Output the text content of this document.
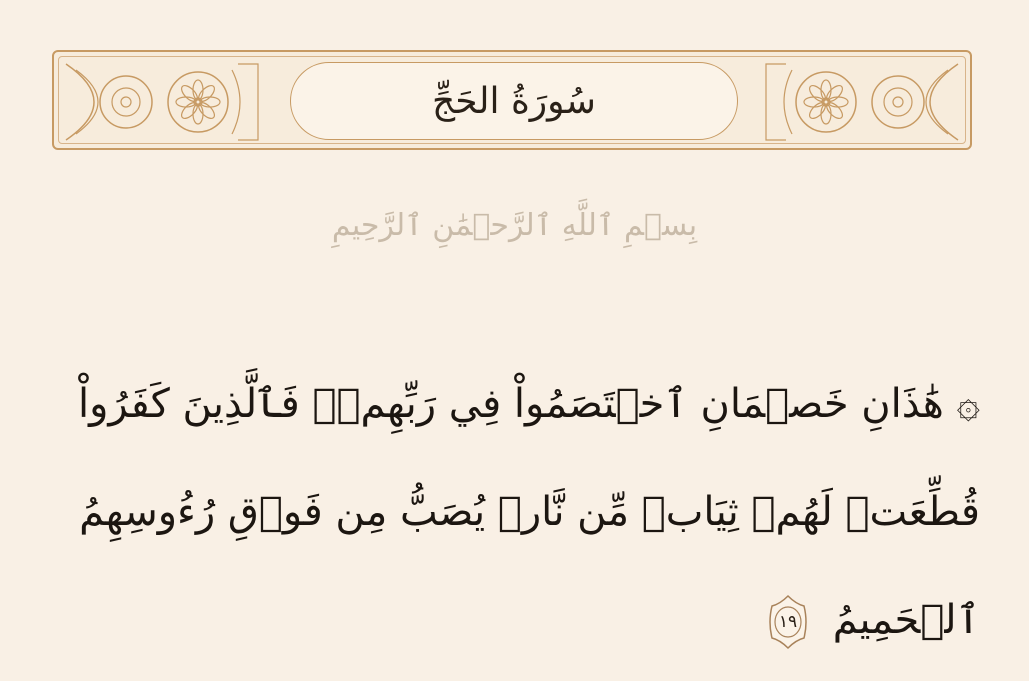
سُورَةُ الحَجِّ
بِسۡمِ ٱللَّهِ ٱلرَّحۡمَٰنِ ٱلرَّحِيمِ
۞ هَٰذَانِ خَصۡمَانِ ٱخۡتَصَمُواْ فِي رَبِّهِمۡۖ فَٱلَّذِينَ كَفَرُواْ
قُطِّعَتۡ لَهُمۡ ثِيَابٞ مِّن نَّارٖ يُصَبُّ مِن فَوۡقِ رُءُوسِهِمُ
ٱلۡحَمِيمُ
١٩
